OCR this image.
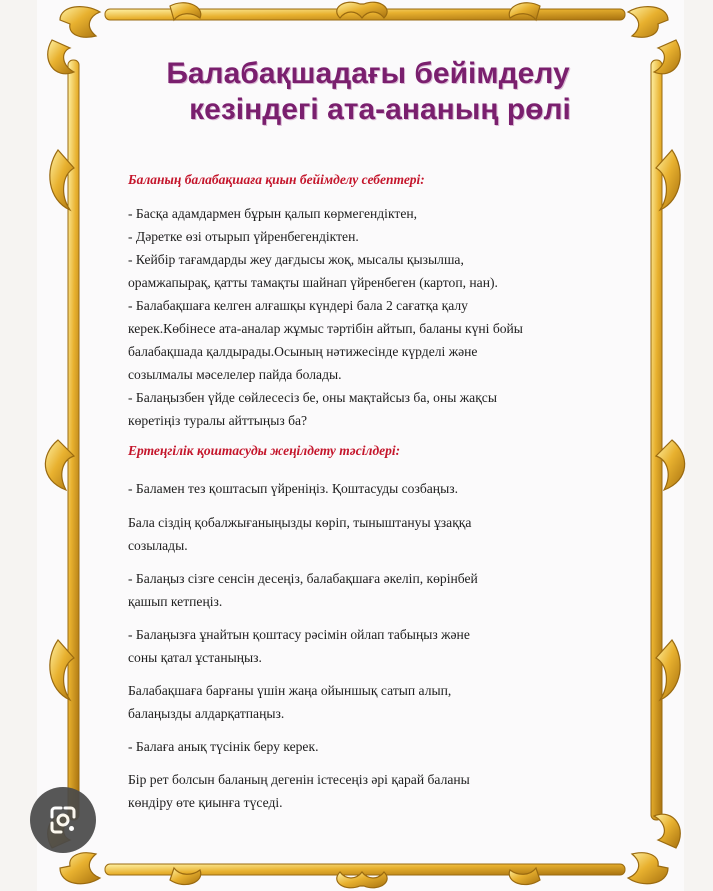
Балабақшадағы бейімделу
кезіндегі ата-ананың рөлі
Баланың балабақшаға қиын бейімделу себептері:
- Басқа адамдармен бұрын қалып көрмегендіктен,
- Дәретке өзі отырып үйренбегендіктен.
- Кейбір тағамдарды жеу дағдысы жоқ, мысалы қызылша,
орамжапырақ, қатты тамақты шайнап үйренбеген (картоп, нан).
- Балабақшаға келген алғашқы күндері бала 2 сағатқа қалу
керек.Көбінесе ата-аналар жұмыс тәртібін айтып, баланы күні бойы
балабақшада қалдырады.Осының нәтижесінде күрделі және
созылмалы мәселелер пайда болады.
- Балаңызбен үйде сөйлесесіз бе, оны мақтайсыз ба, оны жақсы
көретіңіз туралы айттыңыз ба?
Ертеңгілік қоштасуды жеңілдету тәсілдері:
- Баламен тез қоштасып үйреніңіз. Қоштасуды созбаңыз.
Бала сіздің қобалжығаныңызды көріп, тыныштануы ұзаққа
созылады.
- Балаңыз сізге сенсін десеңіз, балабақшаға әкеліп, көрінбей
қашып кетпеңіз.
- Балаңызға ұнайтын қоштасу рәсімін ойлап табыңыз және
соны қатал ұстаныңыз.
Балабақшаға барғаны үшін жаңа ойыншық сатып алып,
балаңызды алдарқатпаңыз.
- Балаға анық түсінік беру керек.
Бір рет болсын баланың дегенін істесеңіз әрі қарай баланы
көндіру өте қиынға түседі.
